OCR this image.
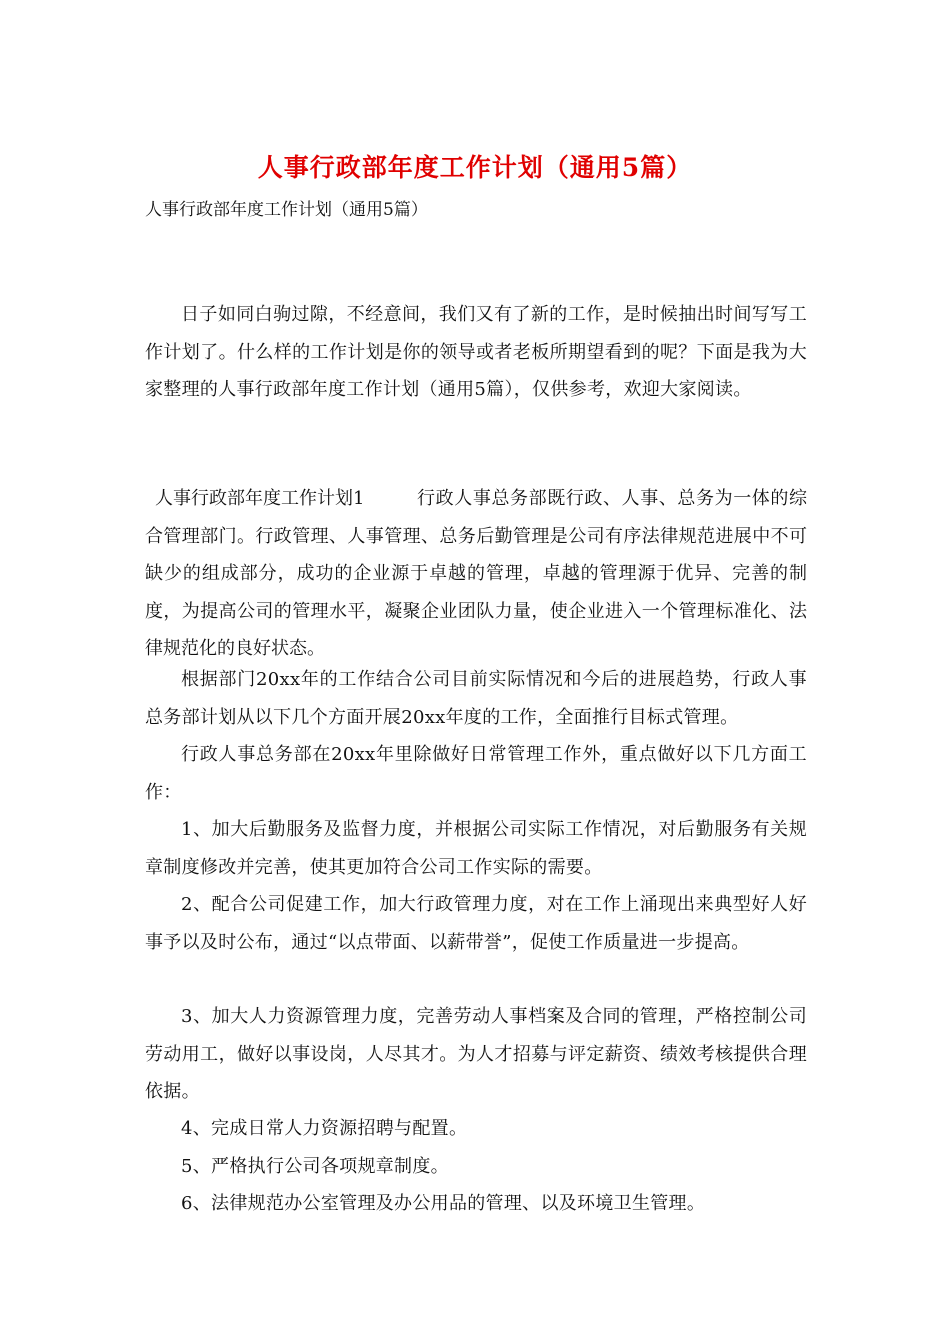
人事行政部年度工作计划（通用5篇）
人事行政部年度工作计划（通用5篇）

日子如同白驹过隙，不经意间，我们又有了新的工作，是时候抽出时间写写工作计划了。什么样的工作计划是你的领导或者老板所期望看到的呢？下面是我为大家整理的人事行政部年度工作计划（通用5篇），仅供参考，欢迎大家阅读。

人事行政部年度工作计划1	行政人事总务部既行政、人事、总务为一体的综合管理部门。行政管理、人事管理、总务后勤管理是公司有序法律规范进展中不可缺少的组成部分，成功的企业源于卓越的管理，卓越的管理源于优异、完善的制度，为提高公司的管理水平，凝聚企业团队力量，使企业进入一个管理标准化、法律规范化的良好状态。

根据部门20xx年的工作结合公司目前实际情况和今后的进展趋势，行政人事总务部计划从以下几个方面开展20xx年度的工作，全面推行目标式管理。

行政人事总务部在20xx年里除做好日常管理工作外，重点做好以下几方面工作：

1、加大后勤服务及监督力度，并根据公司实际工作情况，对后勤服务有关规章制度修改并完善，使其更加符合公司工作实际的需要。

2、配合公司促建工作，加大行政管理力度，对在工作上涌现出来典型好人好事予以及时公布，通过“以点带面、以薪带誉”，促使工作质量进一步提高。

3、加大人力资源管理力度，完善劳动人事档案及合同的管理，严格控制公司劳动用工，做好以事设岗，人尽其才。为人才招募与评定薪资、绩效考核提供合理依据。

4、完成日常人力资源招聘与配置。

5、严格执行公司各项规章制度。

6、法律规范办公室管理及办公用品的管理、以及环境卫生管理。
